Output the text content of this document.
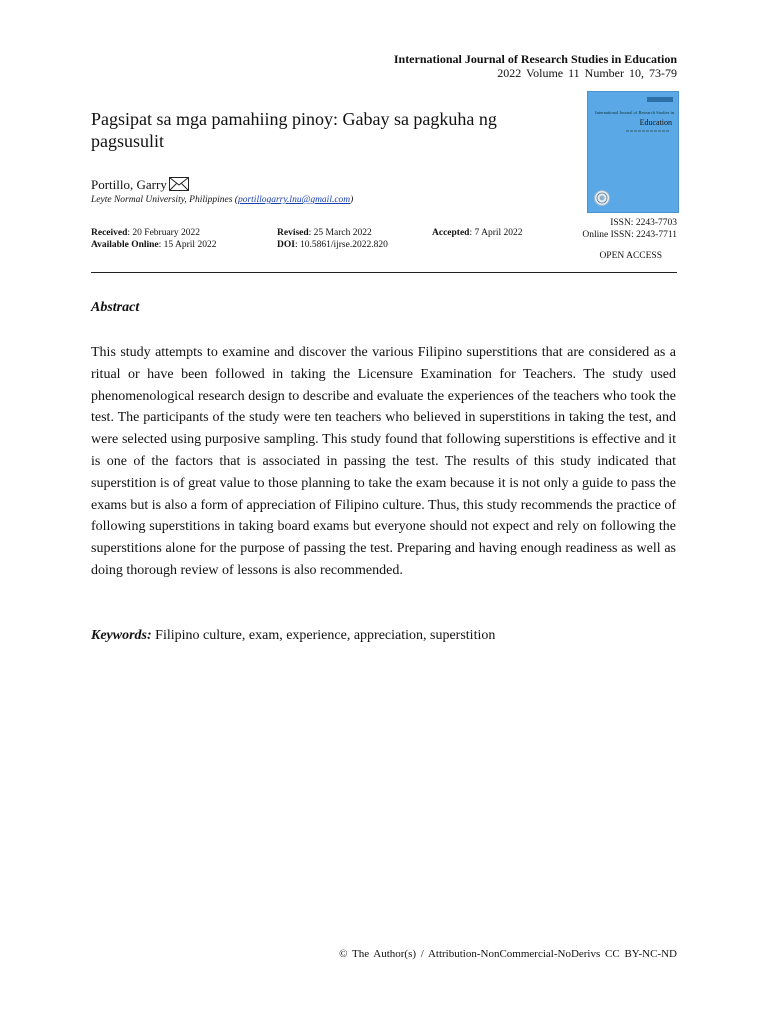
International Journal of Research Studies in Education
2022 Volume 11 Number 10, 73-79
International Journal of Research Studies in
Education
Pagsipat sa mga pamahiing pinoy: Gabay sa pagkuha ng pagsusulit
Portillo, Garry
Leyte Normal University, Philippines (portillogarry.lnu@gmail.com)
ISSN: 2243-7703
Online ISSN: 2243-7711
OPEN ACCESS
Received: 20 February 2022	Revised: 25 March 2022	Accepted: 7 April 2022
Available Online: 15 April 2022	DOI: 10.5861/ijrse.2022.820
Abstract
This study attempts to examine and discover the various Filipino superstitions that are considered as a ritual or have been followed in taking the Licensure Examination for Teachers. The study used phenomenological research design to describe and evaluate the experiences of the teachers who took the test. The participants of the study were ten teachers who believed in superstitions in taking the test, and were selected using purposive sampling. This study found that following superstitions is effective and it is one of the factors that is associated in passing the test. The results of this study indicated that superstition is of great value to those planning to take the exam because it is not only a guide to pass the exams but is also a form of appreciation of Filipino culture. Thus, this study recommends the practice of following superstitions in taking board exams but everyone should not expect and rely on following the superstitions alone for the purpose of passing the test. Preparing and having enough readiness as well as doing thorough review of lessons is also recommended.
Keywords: Filipino culture, exam, experience, appreciation, superstition
© The Author(s) / Attribution-NonCommercial-NoDerivs CC BY-NC-ND
